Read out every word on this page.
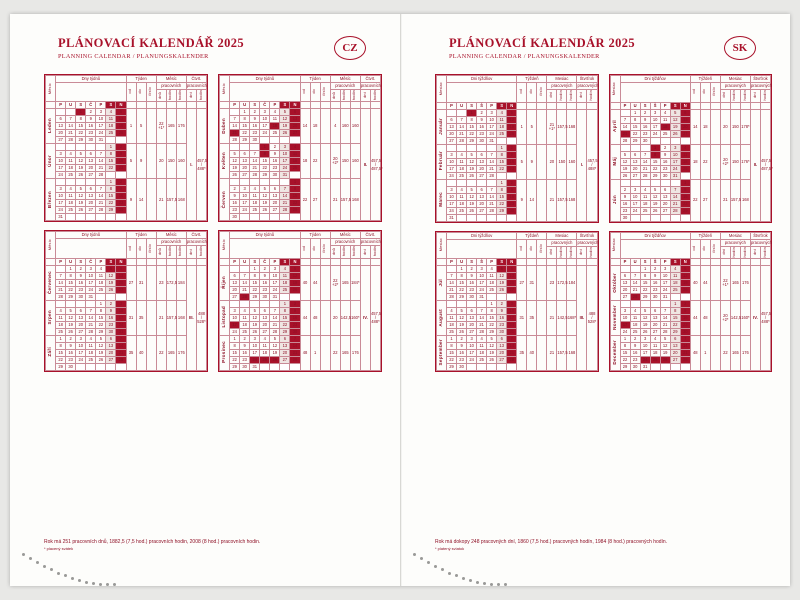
PLÁNOVACÍ KALENDÁŘ 2025
PLANNING CALENDAR / PLANUNGSKALENDER
CZ
Měsíc	Dny týdnů							Týden			Měsíc			Čtvrt.	
								od	do	číslo	pracovních			pracovních	
											dnů	hodin	hodin	dní	hodin
	P	U	S	Č	P	S	N								
Leden			1	2	3	4	5	1	5		22 +1*	165	176	I.	457,5 / 488*
	6	7	8	9	10	11	12								
	13	14	15	16	17	18	19								
	20	21	22	23	24	25	26								
	27	28	29	30	31										
Únor						1	2	5	9		20	150	160		
	3	4	5	6	7	8	9								
	10	11	12	13	14	15	16								
	17	18	19	20	21	22	23								
	24	25	26	27	28										
Březen						1	2	9	14		21	157,5	168		
	3	4	5	6	7	8	9								
	10	11	12	13	14	15	16								
	17	18	19	20	21	22	23								
	24	25	26	27	28	29	30								
	31														
Měsíc	Dny týdnů							Týden			Měsíc			Čtvrt.	
								od	do	číslo	pracovních			pracovních	
											dnů	hodin	hodin	dní	hodin
	P	U	S	Č	P	S	N								
Duben		1	2	3	4	5	6	14	18		4	160	160	II.	457,5 / 487,5*
	7	8	9	10	11	12	13								
	14	15	16	17	18	19	20								
	21	22	23	24	25	26	27								
	28	29	30												
Květen				1	2	3	4	18	22		20 +2*	150	160		
	5	6	7	8	9	10	11								
	12	13	14	15	16	17	18								
	19	20	21	22	23	24	25								
	26	27	28	29	30	31									
Červen							1	22	27		21	157,5	168		
	2	3	4	5	6	7	8								
	9	10	11	12	13	14	15								
	16	17	18	19	20	21	22								
	23	24	25	26	27	28	29								
	30														
Měsíc	Dny týdnů							Týden			Měsíc			Čtvrt.	
								od	do	číslo	pracovních			pracovních	
											dnů	hodin	hodin	dní	hodin
	P	U	S	Č	P	S	N								
Červenec		1	2	3	4	5	6	27	31		23	172,5	184	III.	488 / 528*
	7	8	9	10	11	12	13								
	14	15	16	17	18	19	20								
	21	22	23	24	25	26	27								
	28	29	30	31											
Srpen					1	2	3	31	35		21	157,5	168		
	4	5	6	7	8	9	10								
	11	12	13	14	15	16	17								
	18	19	20	21	22	23	24								
	25	26	27	28	29	30	31								
Září	1	2	3	4	5	6	7	35	40		22	165	176		
	8	9	10	11	12	13	14								
	15	16	17	18	19	20	21								
	22	23	24	25	26	27	28								
	29	30													
Měsíc	Dny týdnů							Týden			Měsíc			Čtvrt.	
								od	do	číslo	pracovních			pracovních	
											dnů	hodin	hodin	dní	hodin
	P	U	S	Č	P	S	N								
Říjen			1	2	3	4	5	40	44		22 +2*	165	184*	IV.	457,5 / 488*
	6	7	8	9	10	11	12								
	13	14	15	16	17	18	19								
	20	21	22	23	24	25	26								
	27	28	29	30	31										
Listopad						1	2	44	48		20	142,5	160*		
	3	4	5	6	7	8	9								
	10	11	12	13	14	15	16								
	17	18	19	20	21	22	23								
	24	25	26	27	28	29	30								
Prosinec	1	2	3	4	5	6	7	48	1		22	165	176		
	8	9	10	11	12	13	14								
	15	16	17	18	19	20	21								
	22	23	24	25	26	27	28								
	29	30	31												
Rok má 251 pracovních dnů, 1882,5 (7,5 hod.) pracovních hodin, 2008 (8 hod.) pracovních hodin.
* placený svátek
PLÁNOVACÍ KALENDÁR 2025
PLANNING CALENDAR / PLANUNGSKALENDER
SK
Mesiac	Dni týždňov							Týždeň			Mesiac			Štvrťrok	
								od	do	číslo	pracovných			pracovných	
											dni	hodín	hodín	dní	hodín
	P	U	S	Š	P	S	N								
Január			1	2	3	4	5	1	5		21 +1*	157,5	168	I.	457,5 / 488*
	6	7	8	9	10	11	12								
	13	14	15	16	17	18	19								
	20	21	22	23	24	25	26								
	27	28	29	30	31										
Február						1	2	5	9		20	150	160		
	3	4	5	6	7	8	9								
	10	11	12	13	14	15	16								
	17	18	19	20	21	22	23								
	24	25	26	27	28										
Marec						1	2	9	14		21	157,5	168		
	3	4	5	6	7	8	9								
	10	11	12	13	14	15	16								
	17	18	19	20	21	22	23								
	24	25	26	27	28	29	30								
	31														
Mesiac	Dni týždňov							Týždeň			Mesiac			Štvrťrok	
								od	do	číslo	pracovných			pracovných	
											dni	hodín	hodín	dní	hodín
	P	U	S	Š	P	S	N								
Apríl		1	2	3	4	5	6	14	18		20	150	178*	II.	457,5 / 487,5*
	7	8	9	10	11	12	13								
	14	15	16	17	18	19	20								
	21	22	23	24	25	26	27								
	28	29	30												
Máj				1	2	3	4	18	22		20 +2*	150	176*		
	5	6	7	8	9	10	11								
	12	13	14	15	16	17	18								
	19	20	21	22	23	24	25								
	26	27	28	29	30	31									
Jún							1	22	27		21	157,5	168		
	2	3	4	5	6	7	8								
	9	10	11	12	13	14	15								
	16	17	18	19	20	21	22								
	23	24	25	26	27	28	29								
	30														
Mesiac	Dni týždňov							Týždeň			Mesiac			Štvrťrok	
								od	do	číslo	pracovných			pracovných	
											dni	hodín	hodín	dní	hodín
	P	U	S	Š	P	S	N								
Júl		1	2	3	4	5	6	27	31		23	172,5	184	III.	488 / 528*
	7	8	9	10	11	12	13								
	14	15	16	17	18	19	20								
	21	22	23	24	25	26	27								
	28	29	30	31											
August					1	2	3	31	35		21	142,5	168*		
	4	5	6	7	8	9	10								
	11	12	13	14	15	16	17								
	18	19	20	21	22	23	24								
	25	26	27	28	29	30	31								
September	1	2	3	4	5	6	7	35	40		21	157,5	168		
	8	9	10	11	12	13	14								
	15	16	17	18	19	20	21								
	22	23	24	25	26	27	28								
	29	30													
Mesiac	Dni týždňov							Týždeň			Mesiac			Štvrťrok	
								od	do	číslo	pracovných			pracovných	
											dni	hodín	hodín	dní	hodín
	P	U	S	Š	P	S	N								
Október			1	2	3	4	5	40	44		22 +1*	165	176	IV.	457,5 / 488*
	6	7	8	9	10	11	12								
	13	14	15	16	17	18	19								
	20	21	22	23	24	25	26								
	27	28	29	30	31										
November						1	2	44	48		20 +2*	142,5	160*		
	3	4	5	6	7	8	9								
	10	11	12	13	14	15	16								
	17	18	19	20	21	22	23								
	24	25	26	27	28	29	30								
December	1	2	3	4	5	6	7	48	1		22	165	176		
	8	9	10	11	12	13	14								
	15	16	17	18	19	20	21								
	22	23	24	25	26	27	28								
	29	30	31												
Rok má dokopy 248 pracovných dní, 1860 (7,5 hod.) pracovných hodín, 1984 (8 hod.) pracovných hodín.
* platený sviatok
